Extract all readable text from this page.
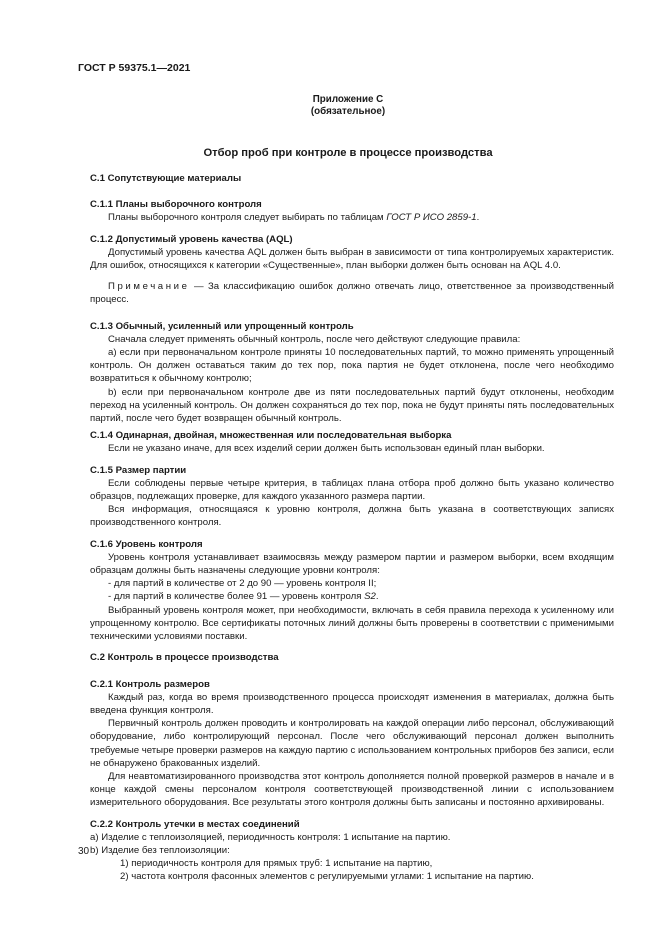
ГОСТ Р 59375.1—2021
Приложение С
(обязательное)
Отбор проб при контроле в процессе производства
С.1 Сопутствующие материалы
С.1.1 Планы выборочного контроля

Планы выборочного контроля следует выбирать по таблицам ГОСТ Р ИСО 2859-1.

С.1.2 Допустимый уровень качества (AQL)

Допустимый уровень качества AQL должен быть выбран в зависимости от типа контролируемых характеристик. Для ошибок, относящихся к категории «Существенные», план выборки должен быть основан на AQL 4.0.

Примечание — За классификацию ошибок должно отвечать лицо, ответственное за производственный процесс.

С.1.3 Обычный, усиленный или упрощенный контроль

Сначала следует применять обычный контроль, после чего действуют следующие правила:

а) если при первоначальном контроле приняты 10 последовательных партий, то можно применять упрощенный контроль. Он должен оставаться таким до тех пор, пока партия не будет отклонена, после чего необходимо возвратиться к обычному контролю;

b) если при первоначальном контроле две из пяти последовательных партий будут отклонены, необходим переход на усиленный контроль. Он должен сохраняться до тех пор, пока не будут приняты пять последовательных партий, после чего будет возвращен обычный контроль.

С.1.4 Одинарная, двойная, множественная или последовательная выборка

Если не указано иначе, для всех изделий серии должен быть использован единый план выборки.

С.1.5 Размер партии

Если соблюдены первые четыре критерия, в таблицах плана отбора проб должно быть указано количество образцов, подлежащих проверке, для каждого указанного размера партии.

Вся информация, относящаяся к уровню контроля, должна быть указана в соответствующих записях производственного контроля.

С.1.6 Уровень контроля

Уровень контроля устанавливает взаимосвязь между размером партии и размером выборки, всем входящим образцам должны быть назначены следующие уровни контроля:

- для партий в количестве от 2 до 90 — уровень контроля II;

- для партий в количестве более 91 — уровень контроля S2.

Выбранный уровень контроля может, при необходимости, включать в себя правила перехода к усиленному или упрощенному контролю. Все сертификаты поточных линий должны быть проверены в соответствии с применимыми техническими условиями поставки.

С.2 Контроль в процессе производства
С.2.1 Контроль размеров

Каждый раз, когда во время производственного процесса происходят изменения в материалах, должна быть введена функция контроля.

Первичный контроль должен проводить и контролировать на каждой операции либо персонал, обслуживающий оборудование, либо контролирующий персонал. После чего обслуживающий персонал должен выполнить требуемые четыре проверки размеров на каждую партию с использованием контрольных приборов без записи, если не обнаружено бракованных изделий.

Для неавтоматизированного производства этот контроль дополняется полной проверкой размеров в начале и в конце каждой смены персоналом контроля соответствующей производственной линии с использованием измерительного оборудования. Все результаты этого контроля должны быть записаны и постоянно архивированы.

С.2.2 Контроль утечки в местах соединений

а) Изделие с теплоизоляцией, периодичность контроля: 1 испытание на партию.

b) Изделие без теплоизоляции:

1) периодичность контроля для прямых труб: 1 испытание на партию,

2) частота контроля фасонных элементов с регулируемыми углами: 1 испытание на партию.

30
